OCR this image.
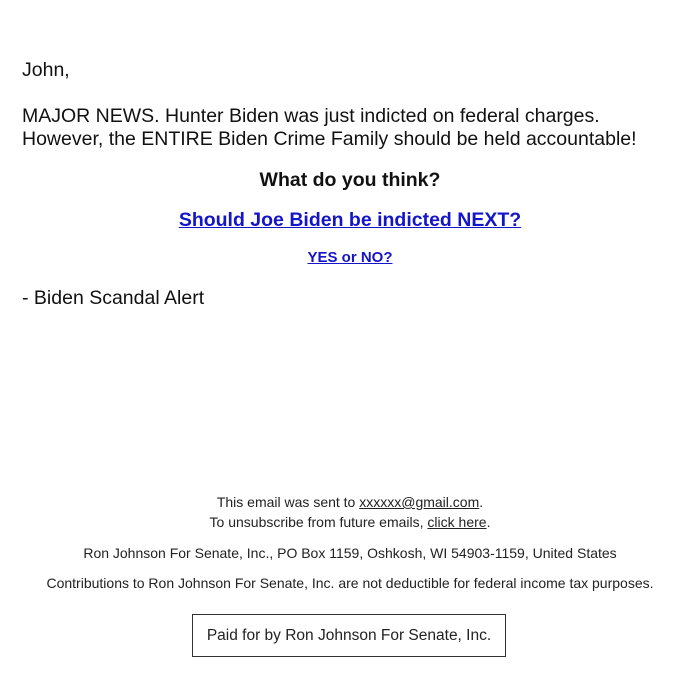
John,

MAJOR NEWS. Hunter Biden was just indicted on federal charges.
However, the ENTIRE Biden Crime Family should be held accountable!

What do you think?

Should Joe Biden be indicted NEXT?

YES or NO?

- Biden Scandal Alert

This email was sent to xxxxxx@gmail.com.
To unsubscribe from future emails, click here.

Ron Johnson For Senate, Inc., PO Box 1159, Oshkosh, WI 54903-1159, United States

Contributions to Ron Johnson For Senate, Inc. are not deductible for federal income tax purposes.

Paid for by Ron Johnson For Senate, Inc.
